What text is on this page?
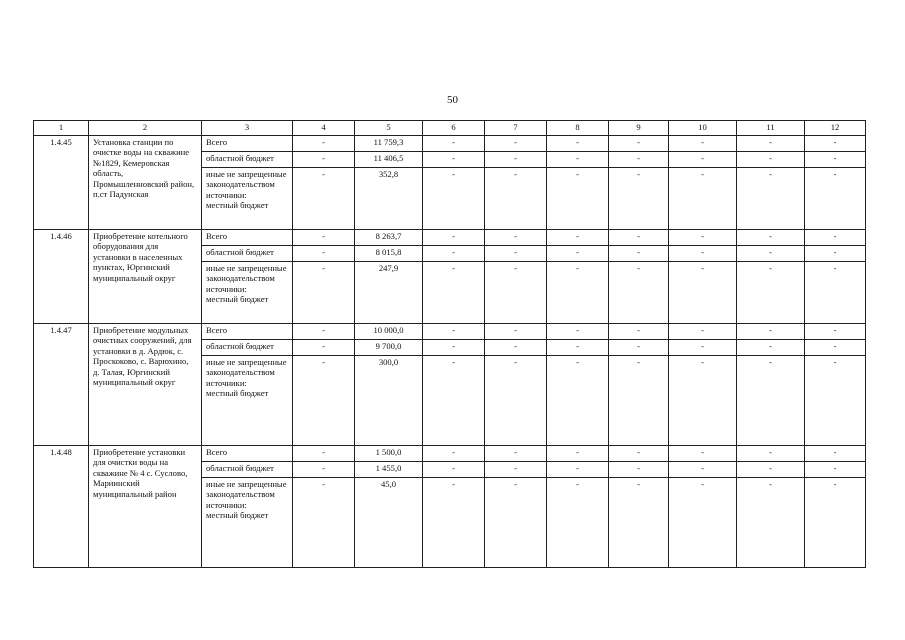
50
1	2	3	4	5	6	7	8	9	10	11	12
1.4.45	Установка станции по очистке воды на скважине №1829, Кемеровская область, Промышленновский район, п.ст Падунская	Всего	-	11 759,3	-	-	-	-	-	-	-
		областной бюджет	-	11 406,5	-	-	-	-	-	-	-
		иные не запрещенные законодательством источники:
местный бюджет	-	352,8	-	-	-	-	-	-	-
1.4.46	Приобретение котельного оборудования для установки в населенных пунктах, Юргинский муниципальный округ	Всего	-	8 263,7	-	-	-	-	-	-	-
		областной бюджет	-	8 015,8	-	-	-	-	-	-	-
		иные не запрещенные законодательством источники:
местный бюджет	-	247,9	-	-	-	-	-	-	-
1.4.47	Приобретение модульных очистных сооружений, для установки в д. Ардюк, с. Проскоково, с. Варюхино, д. Талая, Юргинский муниципальный округ	Всего	-	10 000,0	-	-	-	-	-	-	-
		областной бюджет	-	9 700,0	-	-	-	-	-	-	-
		иные не запрещенные законодательством источники:
местный бюджет	-	300,0	-	-	-	-	-	-	-
1.4.48	Приобретение установки для очистки воды на скважине № 4 с. Суслово, Мариинский муниципальный район	Всего	-	1 500,0	-	-	-	-	-	-	-
		областной бюджет	-	1 455,0	-	-	-	-	-	-	-
		иные не запрещенные законодательством источники:
местный бюджет	-	45,0	-	-	-	-	-	-	-
